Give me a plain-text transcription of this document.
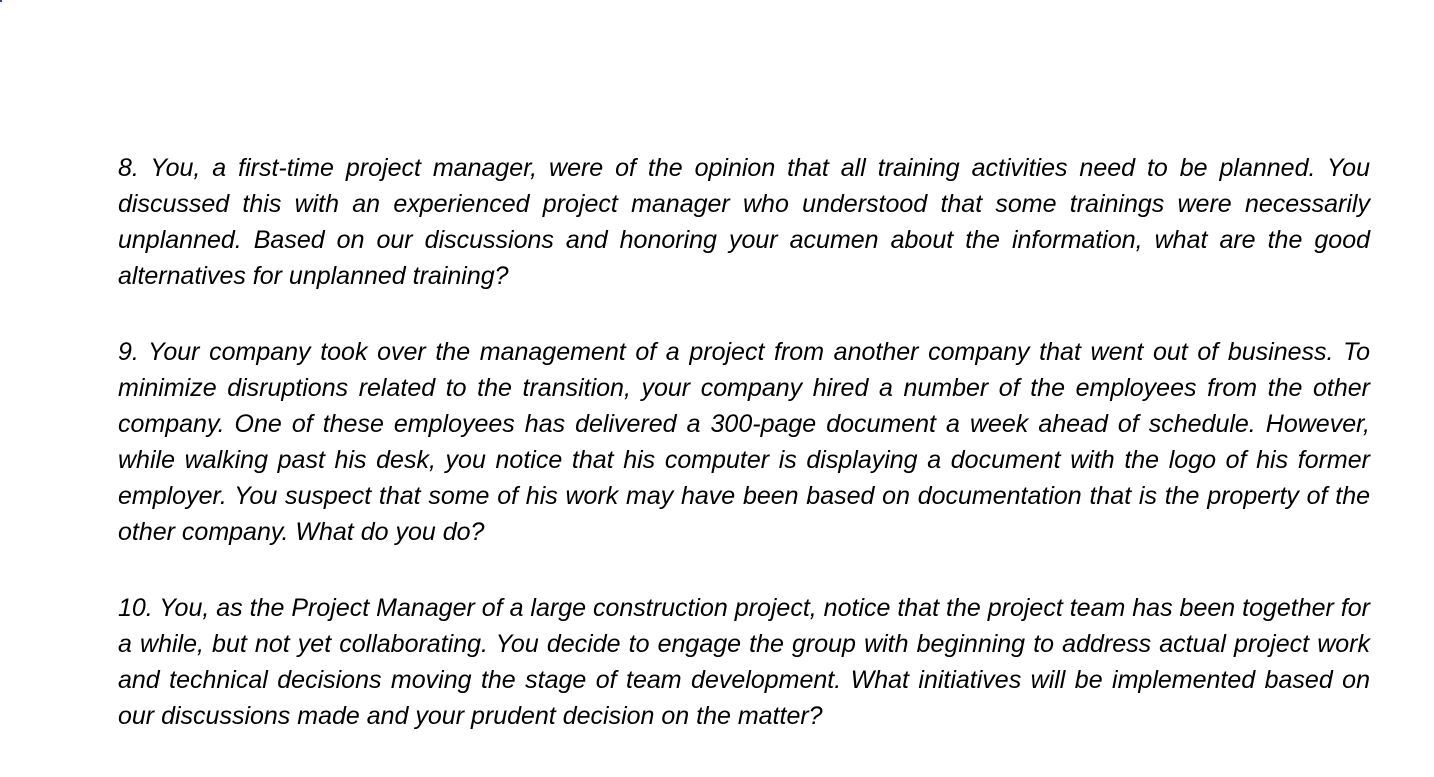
8. You, a first-time project manager, were of the opinion that all training activities need to be planned. You discussed this with an experienced project manager who understood that some trainings were necessarily unplanned. Based on our discussions and honoring your acumen about the information, what are the good alternatives for unplanned training?

9. Your company took over the management of a project from another company that went out of business. To minimize disruptions related to the transition, your company hired a number of the employees from the other company. One of these employees has delivered a 300-page document a week ahead of schedule. However, while walking past his desk, you notice that his computer is displaying a document with the logo of his former employer. You suspect that some of his work may have been based on documentation that is the property of the other company. What do you do?

10. You, as the Project Manager of a large construction project, notice that the project team has been together for a while, but not yet collaborating. You decide to engage the group with beginning to address actual project work and technical decisions moving the stage of team development. What initiatives will be implemented based on our discussions made and your prudent decision on the matter?
